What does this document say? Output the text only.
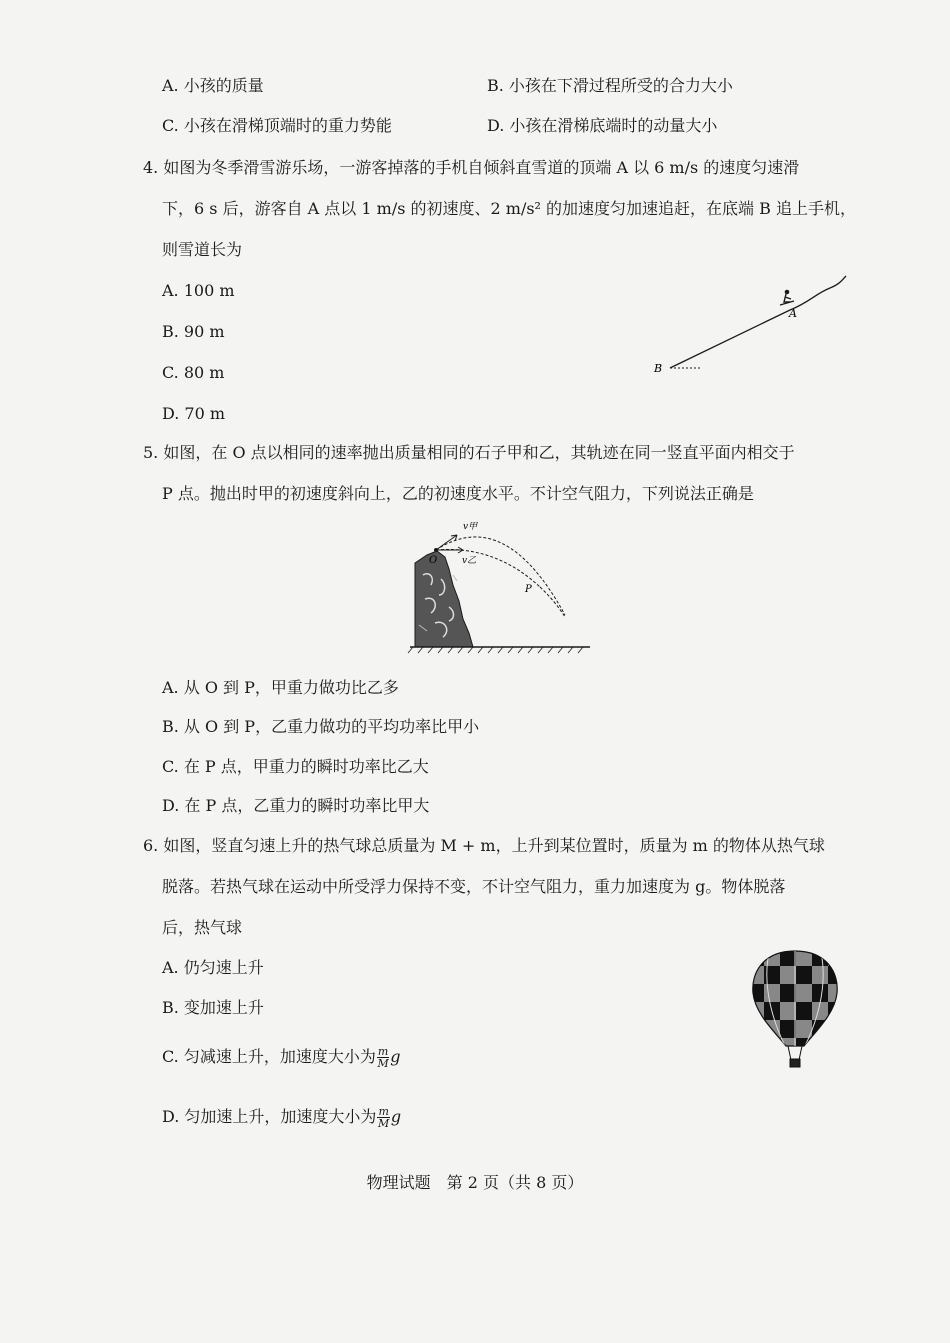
A. 小孩的质量	B. 小孩在下滑过程所受的合力大小
C. 小孩在滑梯顶端时的重力势能	D. 小孩在滑梯底端时的动量大小
4. 如图为冬季滑雪游乐场，一游客掉落的手机自倾斜直雪道的顶端 A 以 6 m/s 的速度匀速滑
下，6 s 后，游客自 A 点以 1 m/s 的初速度、2 m/s² 的加速度匀加速追赶，在底端 B 追上手机，
则雪道长为
A. 100 m
B. 90 m
C. 80 m
D. 70 m
A
B
5. 如图，在 O 点以相同的速率抛出质量相同的石子甲和乙，其轨迹在同一竖直平面内相交于
P 点。抛出时甲的初速度斜向上，乙的初速度水平。不计空气阻力，下列说法正确是
v甲
O	v乙
P
A. 从 O 到 P，甲重力做功比乙多
B. 从 O 到 P，乙重力做功的平均功率比甲小
C. 在 P 点，甲重力的瞬时功率比乙大
D. 在 P 点，乙重力的瞬时功率比甲大
6. 如图，竖直匀速上升的热气球总质量为 M + m，上升到某位置时，质量为 m 的物体从热气球
脱落。若热气球在运动中所受浮力保持不变，不计空气阻力，重力加速度为 g。物体脱落
后，热气球
A. 仍匀速上升
B. 变加速上升
C. 匀减速上升，加速度大小为 $\frac{m}{M}$ g
D. 匀加速上升，加速度大小为 $\frac{m}{M}$ g
物理试题　第 2 页（共 8 页）
